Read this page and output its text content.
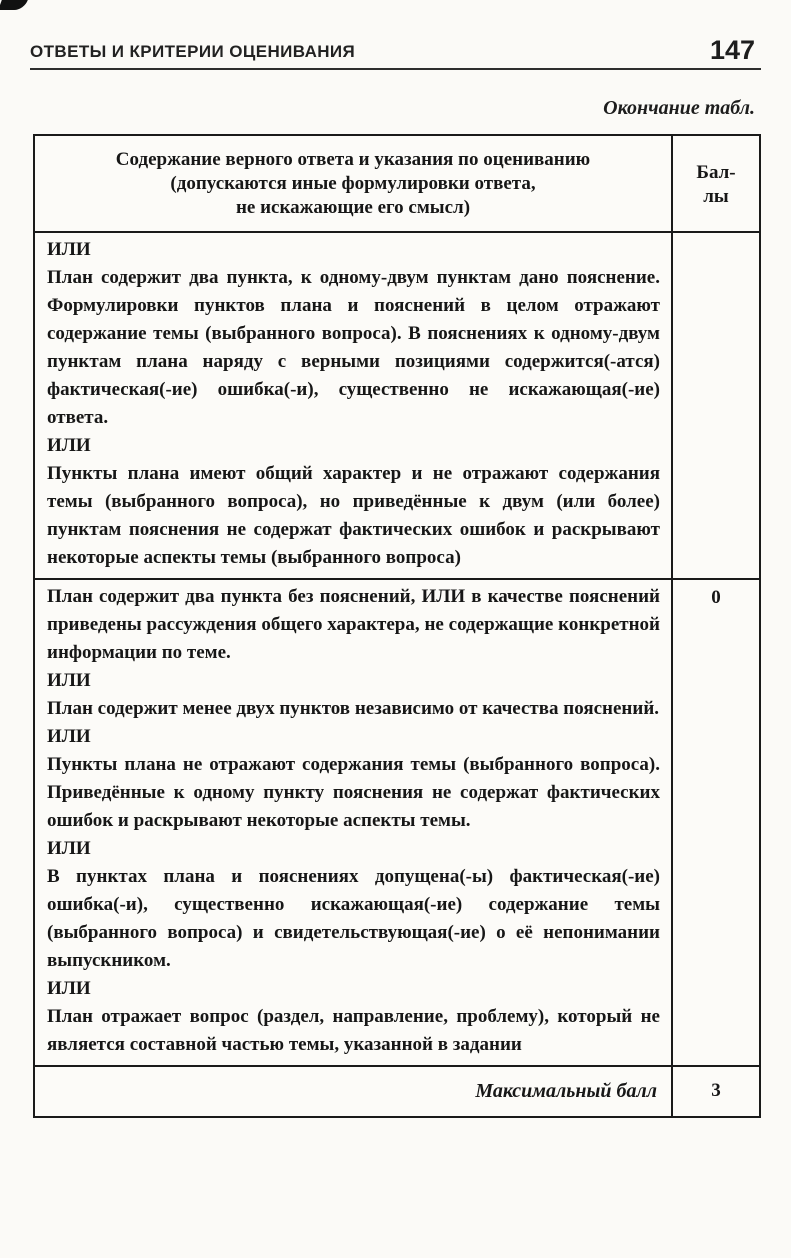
ОТВЕТЫ И КРИТЕРИИ ОЦЕНИВАНИЯ	147
Окончание табл.
Содержание верного ответа и указания по оцениванию
(допускаются иные формулировки ответа,
не искажающие его смысл)
Бал-
лы

ИЛИ

План содержит два пункта, к одному-двум пунктам дано пояснение. Формулировки пунктов плана и пояснений в целом отражают содержание темы (выбранного вопроса). В пояснениях к одному-двум пунктам плана наряду с верными позициями содержится(-атся) фактическая(-ие) ошибка(-и), существенно не искажающая(-ие) ответа.

ИЛИ

Пункты плана имеют общий характер и не отражают содержания темы (выбранного вопроса), но приведённые к двум (или более) пунктам пояснения не содержат фактических ошибок и раскрывают некоторые аспекты темы (выбранного вопроса)

План содержит два пункта без пояснений, ИЛИ в качестве пояснений приведены рассуждения общего характера, не содержащие конкретной информации по теме.

ИЛИ

План содержит менее двух пунктов независимо от качества пояснений.

ИЛИ

Пункты плана не отражают содержания темы (выбранного вопроса). Приведённые к одному пункту пояснения не содержат фактических ошибок и раскрывают некоторые аспекты темы.

ИЛИ

В пунктах плана и пояснениях допущена(-ы) фактическая(-ие) ошибка(-и), существенно искажающая(-ие) содержание темы (выбранного вопроса) и свидетельствующая(-ие) о её непонимании выпускником.

ИЛИ

План отражает вопрос (раздел, направление, проблему), который не является составной частью темы, указанной в задании

0
Максимальный балл	3
